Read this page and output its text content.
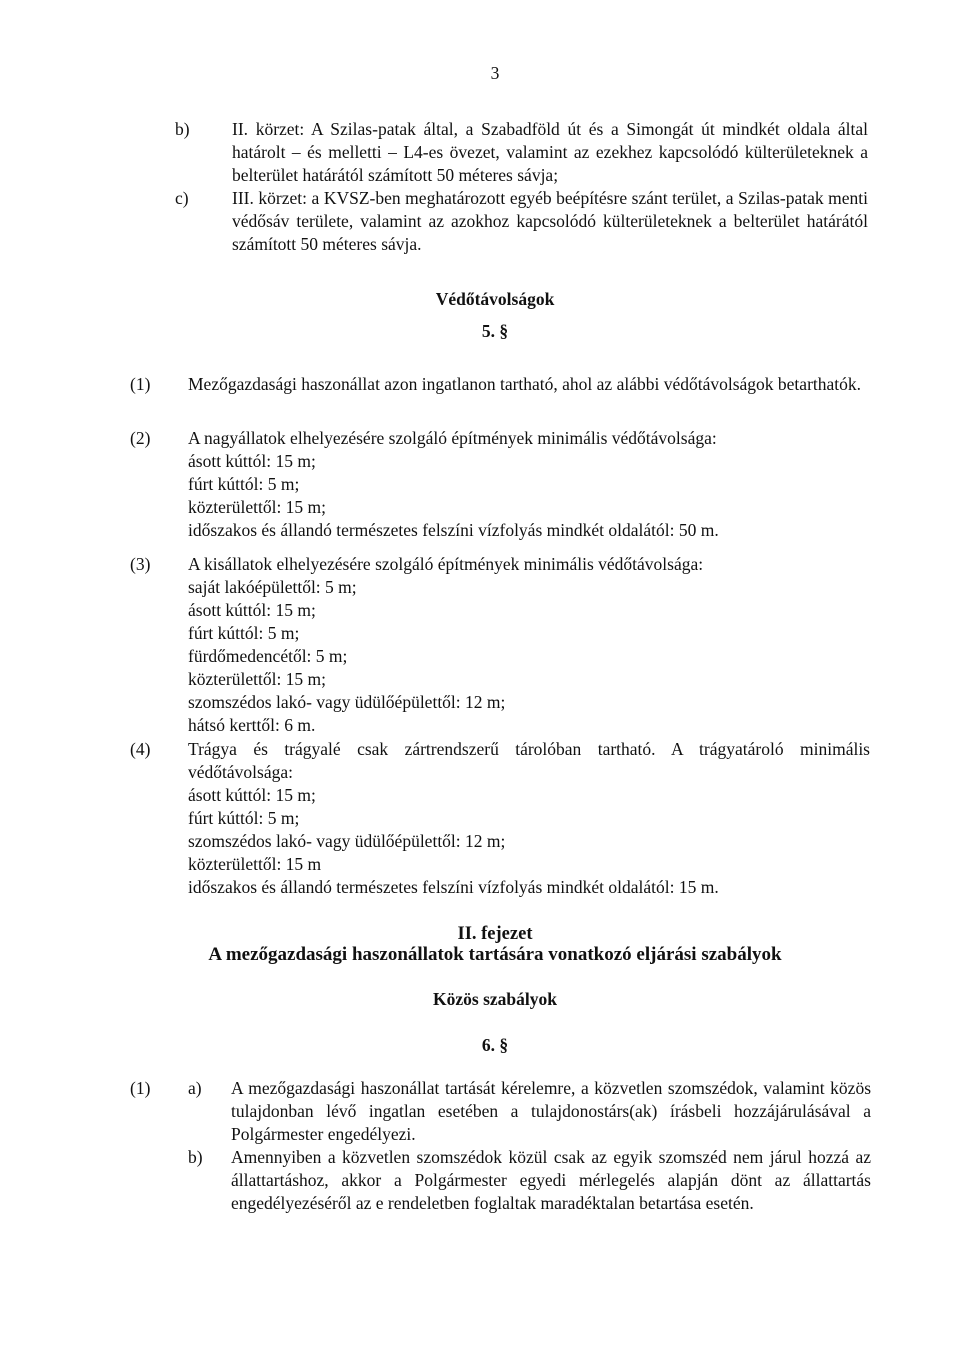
3
b) II. körzet: A Szilas-patak által, a Szabadföld út és a Simongát út mindkét oldala által határolt – és melletti – L4-es övezet, valamint az ezekhez kapcsolódó külterületeknek a belterület határától számított 50 méteres sávja;
c) III. körzet: a KVSZ-ben meghatározott egyéb beépítésre szánt terület, a Szilas-patak menti védősáv területe, valamint az azokhoz kapcsolódó külterületeknek a belterület határától számított 50 méteres sávja.
Védőtávolságok
5. §
(1) Mezőgazdasági haszonállat azon ingatlanon tartható, ahol az alábbi védőtávolságok betarthatók.
(2) A nagyállatok elhelyezésére szolgáló építmények minimális védőtávolsága:
ásott kúttól: 15 m;
fúrt kúttól: 5 m;
közterülettől: 15 m;
időszakos és állandó természetes felszíni vízfolyás mindkét oldalától: 50 m.
(3) A kisállatok elhelyezésére szolgáló építmények minimális védőtávolsága:
saját lakóépülettől: 5 m;
ásott kúttól: 15 m;
fúrt kúttól: 5 m;
fürdőmedencétől: 5 m;
közterülettől: 15 m;
szomszédos lakó- vagy üdülőépülettől: 12 m;
hátsó kerttől: 6 m.
(4) Trágya és trágyalé csak zártrendszerű tárolóban tartható. A trágyatároló minimális védőtávolsága:
ásott kúttól: 15 m;
fúrt kúttól: 5 m;
szomszédos lakó- vagy üdülőépülettől: 12 m;
közterülettől: 15 m
időszakos és állandó természetes felszíni vízfolyás mindkét oldalától: 15 m.
II. fejezet
A mezőgazdasági haszonállatok tartására vonatkozó eljárási szabályok
Közös szabályok
6. §
(1) a) A mezőgazdasági haszonállat tartását kérelemre, a közvetlen szomszédok, valamint közös tulajdonban lévő ingatlan esetében a tulajdonostárs(ak) írásbeli hozzájárulásával a Polgármester engedélyezi.
b) Amennyiben a közvetlen szomszédok közül csak az egyik szomszéd nem járul hozzá az állattartáshoz, akkor a Polgármester egyedi mérlegelés alapján dönt az állattartás engedélyezéséről az e rendeletben foglaltak maradéktalan betartása esetén.
